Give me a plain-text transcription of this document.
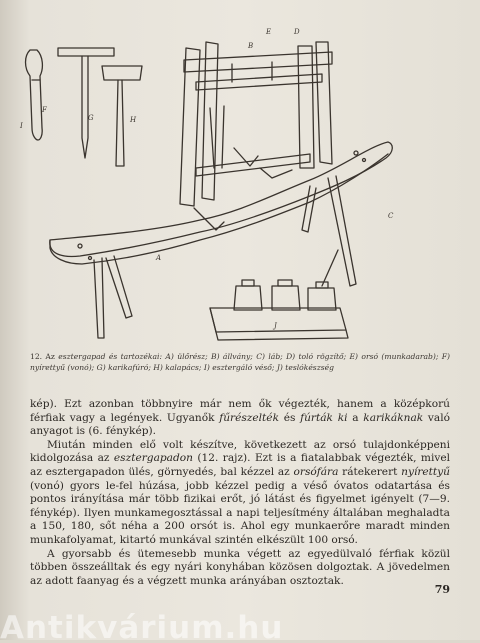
A
B
C
D
E
F
G	H
I
J
12. Az esztergapad és tartozékai: A) ülőrész; B) állvány; C) láb; D) toló rögzítő; E) orsó (munkadarab); F) nyírettyű (vonó); G) karikafúró; H) kalapács; I) esztergáló véső; J) teslókészség

kép). Ezt azonban többnyire már nem ők végezték, hanem a középkorú férfiak vagy a legények. Ugyanők fűrészelték és fúrták ki a karikáknak való anyagot is (6. fénykép).

Miután minden elő volt készítve, következett az orsó tulajdonképpeni kidolgozása az esztergapadon (12. rajz). Ezt is a fiatalabbak végezték, mivel az esztergapadon ülés, görnyedés, bal kézzel az orsófára rátekerert nyírettyű (vonó) gyors le-fel húzása, jobb kézzel pedig a véső óvatos odatartása és pontos irányítása már több fizikai erőt, jó látást és figyelmet igényelt (7—9. fénykép). Ilyen munkamegosztással a napi teljesítmény általában meghaladta a 150, 180, sőt néha a 200 orsót is. Ahol egy munkaerőre maradt minden munkafolyamat, kitartó munkával szintén elkészült 100 orsó.

A gyorsabb és ütemesebb munka végett az egyedülvaló férfiak közül többen összeálltak és egy nyári konyhában közösen dolgoztak. A jövedelmen az adott faanyag és a végzett munka arányában osztoztak.

79
Antikvárium.hu
